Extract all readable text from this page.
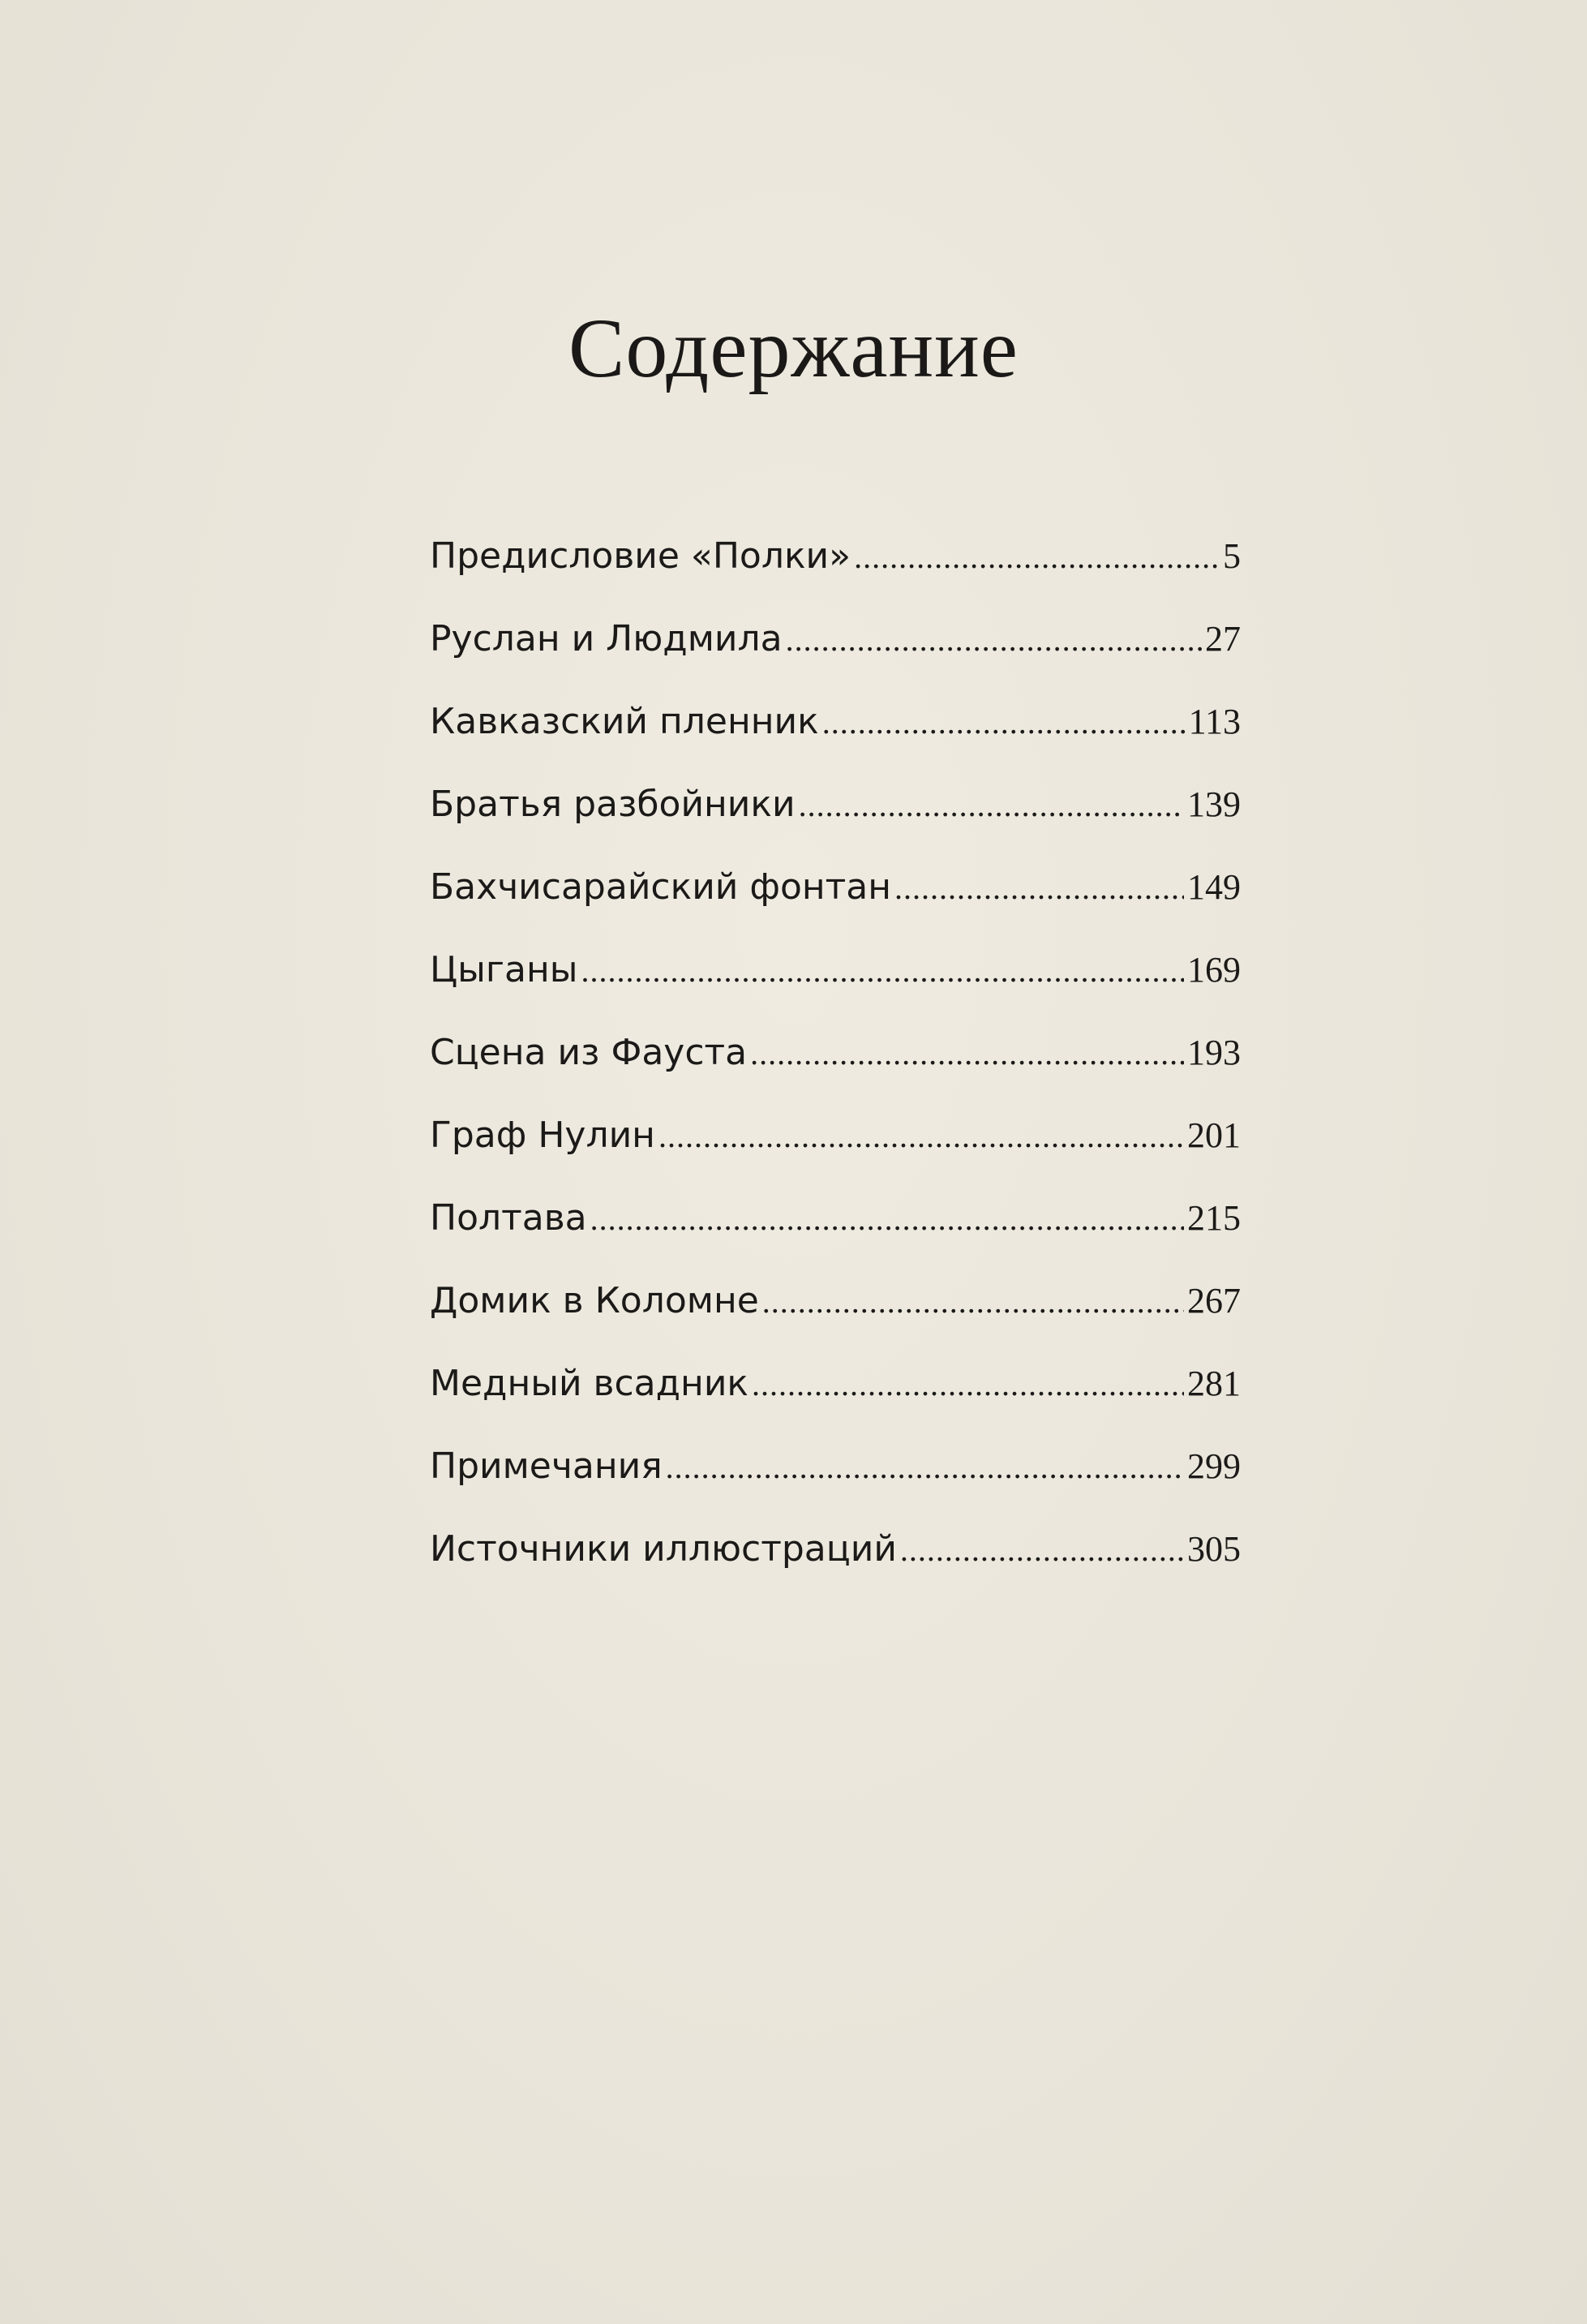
Содержание
Предисловие «Полки» .....	5
Руслан и Людмила .....	27
Кавказский пленник .....	113
Братья разбойники .....	139
Бахчисарайский фонтан .....	149
Цыганы .....	169
Сцена из Фауста .....	193
Граф Нулин .....	201
Полтава .....	215
Домик в Коломне .....	267
Медный всадник .....	281
Примечания .....	299
Источники иллюстраций .....	305
